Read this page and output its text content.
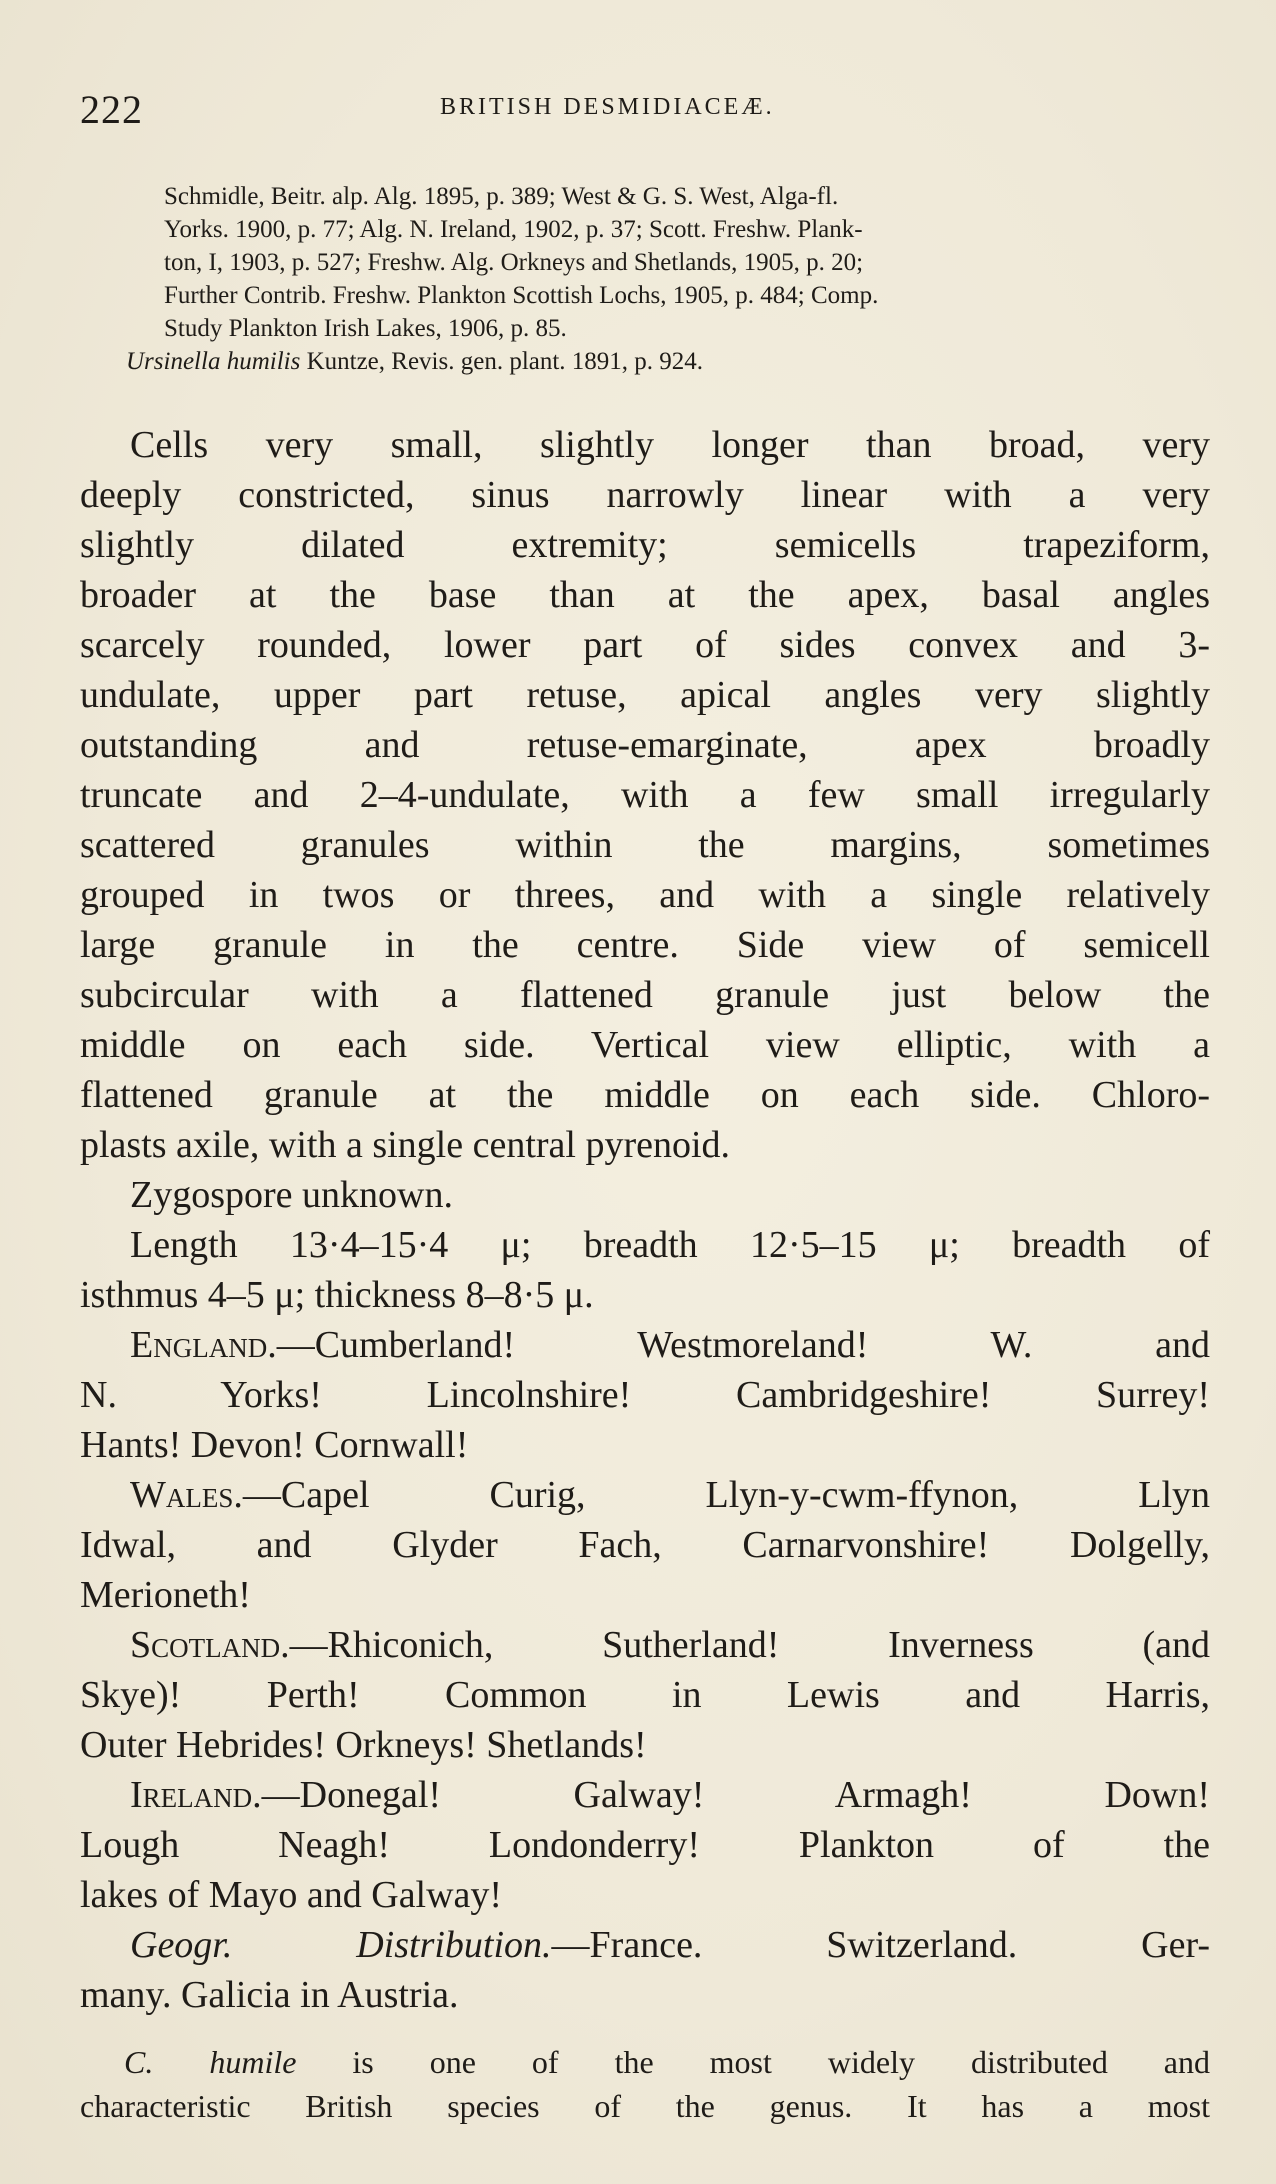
222	BRITISH DESMIDIACEÆ.
Schmidle, Beitr. alp. Alg. 1895, p. 389; West & G. S. West, Alga-fl.
Yorks. 1900, p. 77; Alg. N. Ireland, 1902, p. 37; Scott. Freshw. Plank-
ton, I, 1903, p. 527; Freshw. Alg. Orkneys and Shetlands, 1905, p. 20;
Further Contrib. Freshw. Plankton Scottish Lochs, 1905, p. 484; Comp.
Study Plankton Irish Lakes, 1906, p. 85.
Ursinella humilis Kuntze, Revis. gen. plant. 1891, p. 924.
Cells very small, slightly longer than broad, very
deeply constricted, sinus narrowly linear with a very
slightly dilated extremity; semicells trapeziform,
broader at the base than at the apex, basal angles
scarcely rounded, lower part of sides convex and 3-
undulate, upper part retuse, apical angles very slightly
outstanding and retuse-emarginate, apex broadly
truncate and 2–4-undulate, with a few small irregularly
scattered granules within the margins, sometimes
grouped in twos or threes, and with a single relatively
large granule in the centre. Side view of semicell
subcircular with a flattened granule just below the
middle on each side. Vertical view elliptic, with a
flattened granule at the middle on each side. Chloro-
plasts axile, with a single central pyrenoid.
Zygospore unknown.
Length 13·4–15·4 μ; breadth 12·5–15 μ; breadth of
isthmus 4–5 μ; thickness 8–8·5 μ.
England.—Cumberland! Westmoreland! W. and
N. Yorks! Lincolnshire! Cambridgeshire! Surrey!
Hants! Devon! Cornwall!
Wales.—Capel Curig, Llyn-y-cwm-ffynon, Llyn
Idwal, and Glyder Fach, Carnarvonshire! Dolgelly,
Merioneth!
Scotland.—Rhiconich, Sutherland! Inverness (and
Skye)! Perth! Common in Lewis and Harris,
Outer Hebrides! Orkneys! Shetlands!
Ireland.—Donegal! Galway! Armagh! Down!
Lough Neagh! Londonderry! Plankton of the
lakes of Mayo and Galway!
Geogr. Distribution.—France. Switzerland. Ger-
many. Galicia in Austria.
C. humile is one of the most widely distributed and
characteristic British species of the genus. It has a most
